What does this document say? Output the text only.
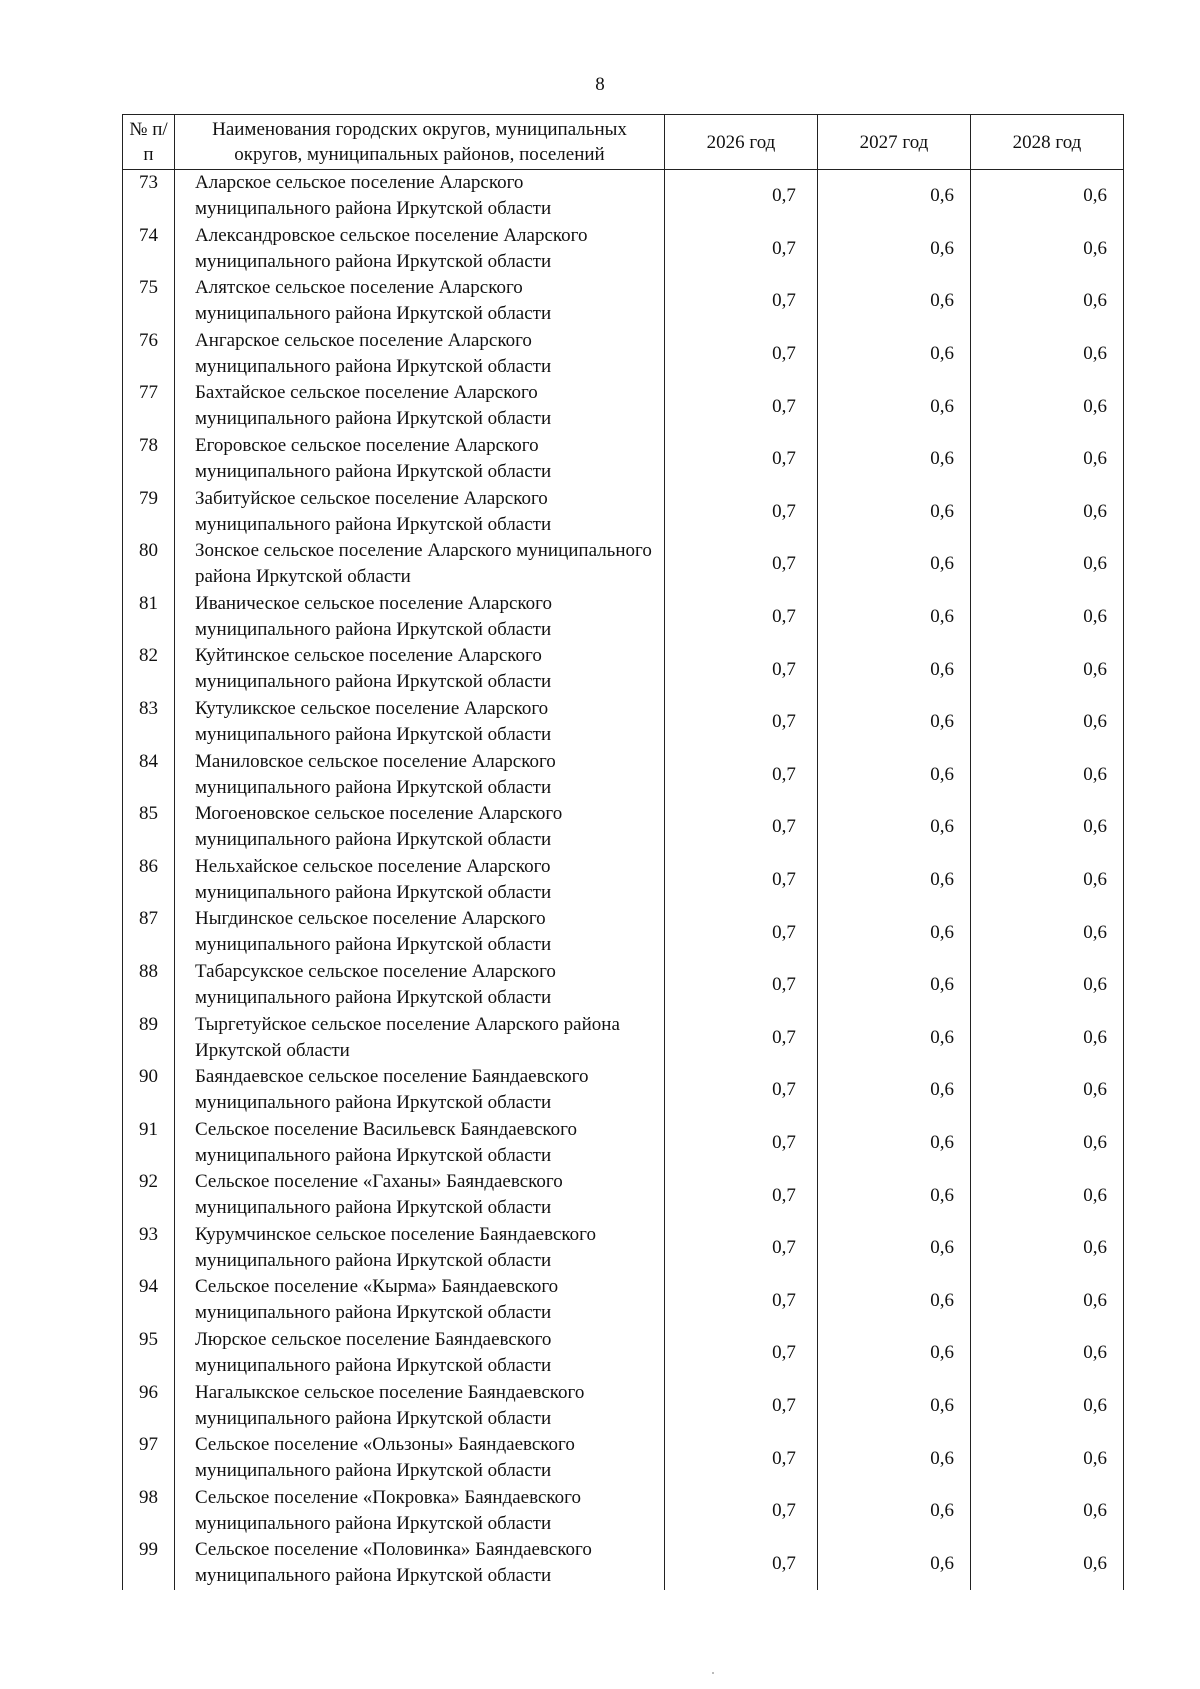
8
№ п/п	Наименования городских округов, муниципальных округов, муниципальных районов, поселений	2026 год	2027 год	2028 год
73	Аларское сельское поселение Аларского муниципального района Иркутской области	0,7	0,6	0,6
74	Александровское сельское поселение Аларского муниципального района Иркутской области	0,7	0,6	0,6
75	Алятское сельское поселение Аларского муниципального района Иркутской области	0,7	0,6	0,6
76	Ангарское сельское поселение Аларского муниципального района Иркутской области	0,7	0,6	0,6
77	Бахтайское сельское поселение Аларского муниципального района Иркутской области	0,7	0,6	0,6
78	Егоровское сельское поселение Аларского муниципального района Иркутской области	0,7	0,6	0,6
79	Забитуйское сельское поселение Аларского муниципального района Иркутской области	0,7	0,6	0,6
80	Зонское сельское поселение Аларского муниципального района Иркутской области	0,7	0,6	0,6
81	Иваническое сельское поселение Аларского муниципального района Иркутской области	0,7	0,6	0,6
82	Куйтинское сельское поселение Аларского муниципального района Иркутской области	0,7	0,6	0,6
83	Кутуликское сельское поселение Аларского муниципального района Иркутской области	0,7	0,6	0,6
84	Маниловское сельское поселение Аларского муниципального района Иркутской области	0,7	0,6	0,6
85	Могоеновское сельское поселение Аларского муниципального района Иркутской области	0,7	0,6	0,6
86	Нельхайское сельское поселение Аларского муниципального района Иркутской области	0,7	0,6	0,6
87	Ныгдинское сельское поселение Аларского муниципального района Иркутской области	0,7	0,6	0,6
88	Табарсукское сельское поселение Аларского муниципального района Иркутской области	0,7	0,6	0,6
89	Тыргетуйское сельское поселение Аларского района Иркутской области	0,7	0,6	0,6
90	Баяндаевское сельское поселение Баяндаевского муниципального района Иркутской области	0,7	0,6	0,6
91	Сельское поселение Васильевск Баяндаевского муниципального района Иркутской области	0,7	0,6	0,6
92	Сельское поселение «Гаханы» Баяндаевского муниципального района Иркутской области	0,7	0,6	0,6
93	Курумчинское сельское поселение Баяндаевского муниципального района Иркутской области	0,7	0,6	0,6
94	Сельское поселение «Кырма» Баяндаевского муниципального района Иркутской области	0,7	0,6	0,6
95	Люрское сельское поселение Баяндаевского муниципального района Иркутской области	0,7	0,6	0,6
96	Нагалыкское сельское поселение Баяндаевского муниципального района Иркутской области	0,7	0,6	0,6
97	Сельское поселение «Ользоны» Баяндаевского муниципального района Иркутской области	0,7	0,6	0,6
98	Сельское поселение «Покровка» Баяндаевского муниципального района Иркутской области	0,7	0,6	0,6
99	Сельское поселение «Половинка» Баяндаевского муниципального района Иркутской области	0,7	0,6	0,6
